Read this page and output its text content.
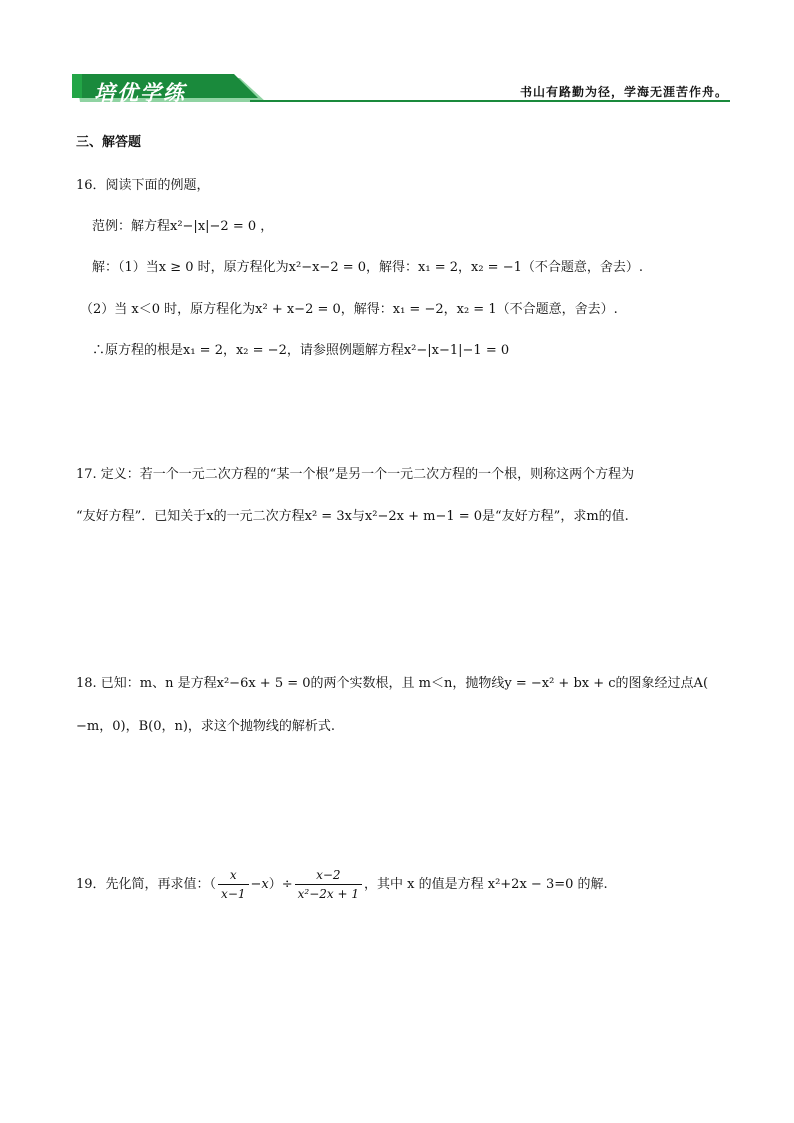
培优学练	书山有路勤为径，学海无涯苦作舟。
三、解答题
16．阅读下面的例题，
范例：解方程x²−|x|−2 = 0 ，
解：（1）当x ≥ 0 时，原方程化为x²−x−2 = 0，解得：x₁ = 2，x₂ = −1（不合题意，舍去）.
（2）当 x＜0 时，原方程化为x² + x−2 = 0，解得：x₁ = −2，x₂ = 1（不合题意，舍去）.
∴原方程的根是x₁ = 2，x₂ = −2，请参照例题解方程x²−|x−1|−1 = 0
17. 定义：若一个一元二次方程的“某一个根”是另一个一元二次方程的一个根，则称这两个方程为
“友好方程”．已知关于x的一元二次方程x² = 3x与x²−2x + m−1 = 0是“友好方程”，求m的值.
18. 已知：m、n 是方程x²−6x + 5 = 0的两个实数根，且 m＜n，抛物线y = −x² + bx + c的图象经过点A(
−m，0)，B(0，n)，求这个抛物线的解析式.
19．先化简，再求值：（ $\frac{x}{x-1} -x)\div \frac{x-2}{\text{x²−2x + 1}}$ ，其中 x 的值是方程 x²+2x − 3=0 的解.
